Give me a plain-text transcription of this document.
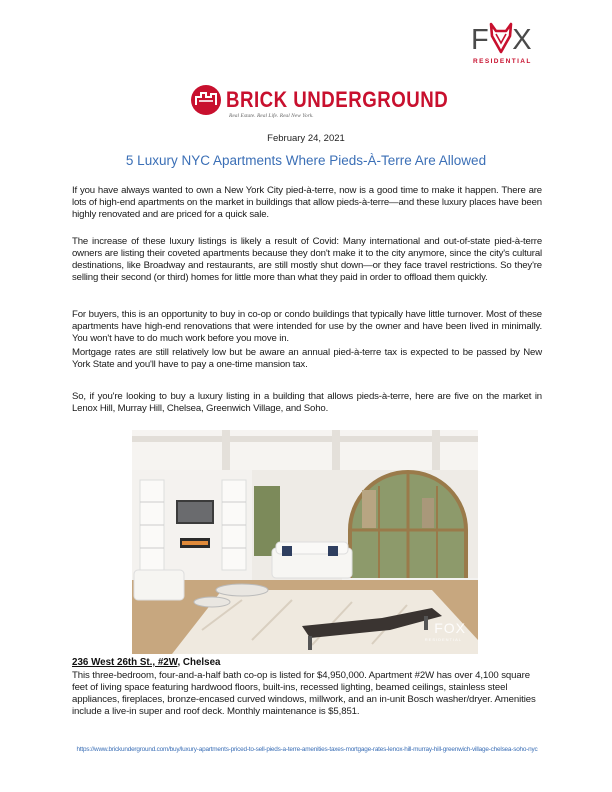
F X
RESIDENTIAL
BRICK UNDERGROUND
Real Estate. Real Life. Real New York.
February 24, 2021
5 Luxury NYC Apartments Where Pieds-À-Terre Are Allowed

If you have always wanted to own a New York City pied-à-terre, now is a good time to make it happen. There are lots of high-end apartments on the market in buildings that allow pieds-à-terre—and these luxury places have been highly renovated and are priced for a quick sale.

The increase of these luxury listings is likely a result of Covid: Many international and out-of-state pied-à-terre owners are listing their coveted apartments because they don't make it to the city anymore, since the city's cultural destinations, like Broadway and restaurants, are still mostly shut down—or they face travel restrictions. So they're selling their second (or third) homes for little more than what they paid in order to offload them quickly.

For buyers, this is an opportunity to buy in co-op or condo buildings that typically have little turnover. Most of these apartments have high-end renovations that were intended for use by the owner and have been lived in minimally. You won't have to do much work before you move in.

Mortgage rates are still relatively low but be aware an annual pied-à-terre tax is expected to be passed by New York State and you'll have to pay a one-time mansion tax.

So, if you're looking to buy a luxury listing in a building that allows pieds-à-terre, here are five on the market in Lenox Hill, Murray Hill, Chelsea, Greenwich Village, and Soho.

FOX
RESIDENTIAL
236 West 26th St., #2W, Chelsea
This three-bedroom, four-and-a-half bath co-op is listed for $4,950,000. Apartment #2W has over 4,100 square feet of living space featuring hardwood floors, built-ins, recessed lighting, beamed ceilings, stainless steel appliances, fireplaces, bronze-encased curved windows, millwork, and an in-unit Bosch washer/dryer. Amenities include a live-in super and roof deck. Monthly maintenance is $5,851.
https://www.brickunderground.com/buy/luxury-apartments-priced-to-sell-pieds-a-terre-amenities-taxes-mortgage-rates-lenox-hill-murray-hill-greenwich-village-chelsea-soho-nyc
